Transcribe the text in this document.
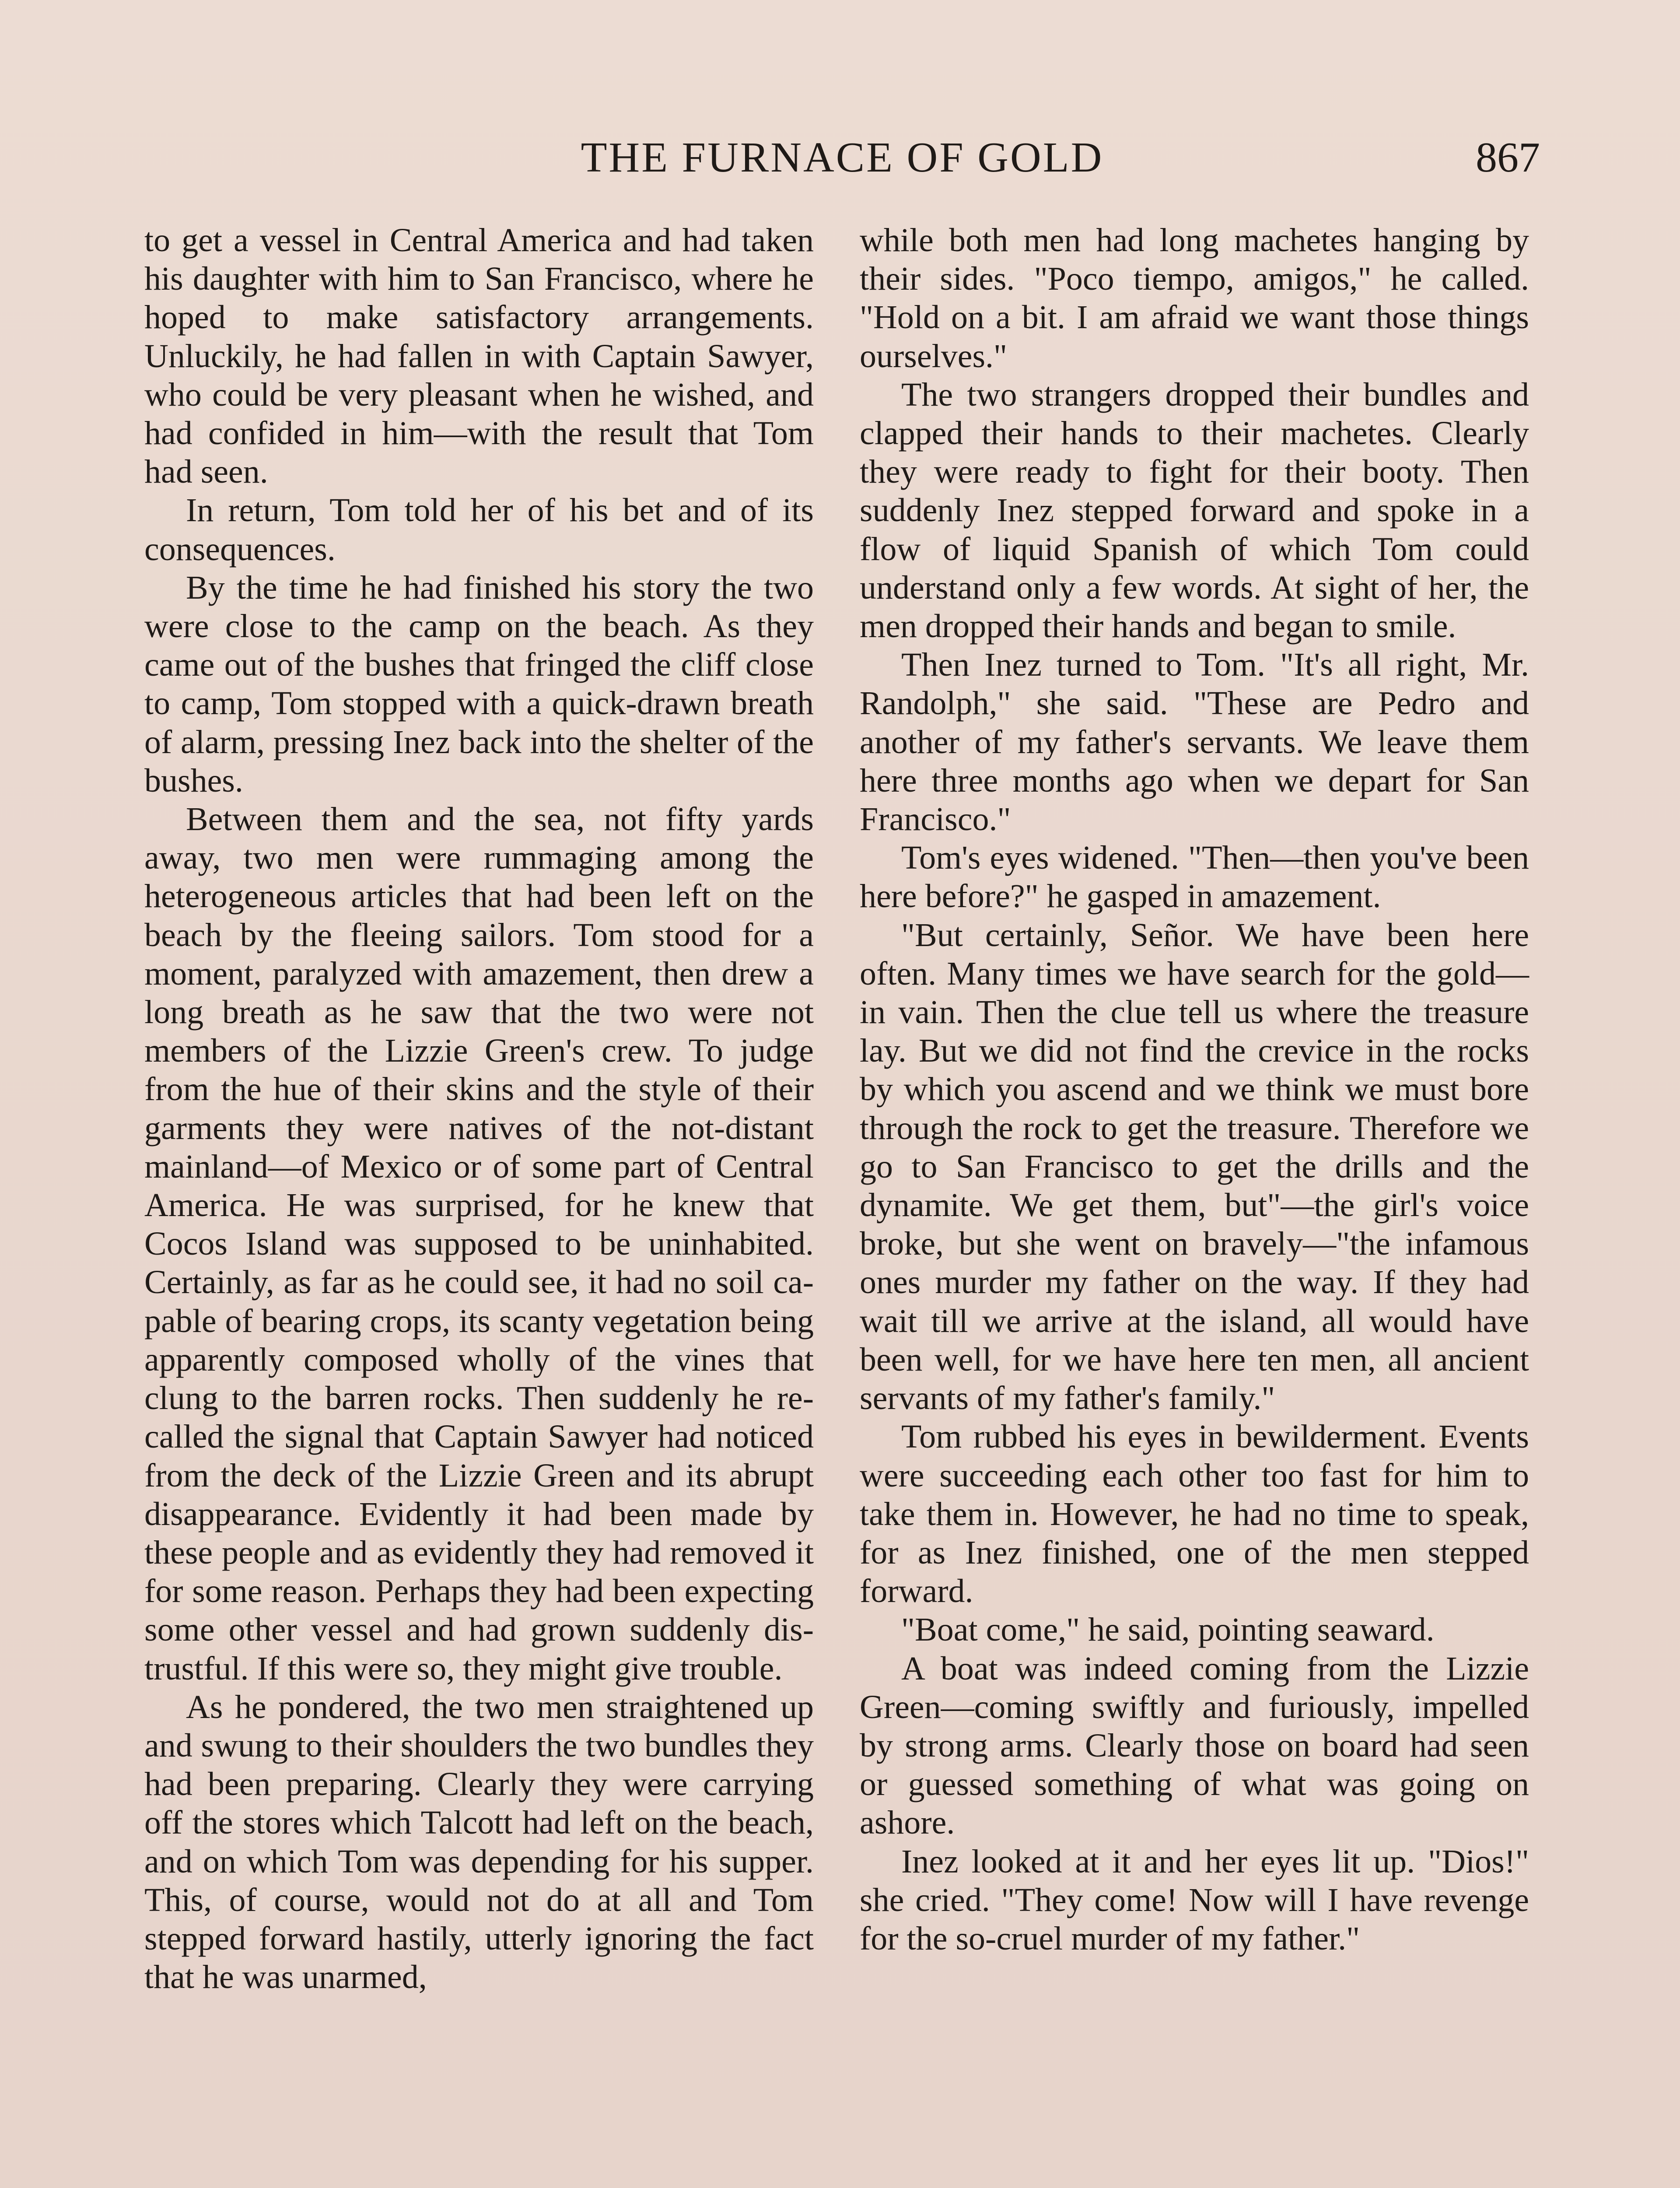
THE FURNACE OF GOLD	867

to get a vessel in Central America and had taken his daughter with him to San Francisco, where he hoped to make satisfactory arrangements. Unluckily, he had fallen in with Captain Sawyer, who could be very pleasant when he wished, and had confided in him—with the result that Tom had seen.

In return, Tom told her of his bet and of its consequences.

By the time he had finished his story the two were close to the camp on the beach. As they came out of the bushes that fringed the cliff close to camp, Tom stopped with a quick-drawn breath of alarm, pressing Inez back into the shelter of the bushes.

Between them and the sea, not fifty yards away, two men were rummaging among the heterogeneous articles that had been left on the beach by the fleeing sailors. Tom stood for a moment, paralyzed with amazement, then drew a long breath as he saw that the two were not members of the Lizzie Green's crew. To judge from the hue of their skins and the style of their garments they were natives of the not-distant mainland—of Mexico or of some part of Central America. He was surprised, for he knew that Cocos Island was supposed to be uninhabited. Certainly, as far as he could see, it had no soil capable of bearing crops, its scanty vegetation being apparently composed wholly of the vines that clung to the barren rocks. Then suddenly he recalled the signal that Captain Sawyer had noticed from the deck of the Lizzie Green and its abrupt disappearance. Evidently it had been made by these people and as evidently they had removed it for some reason. Perhaps they had been expecting some other vessel and had grown suddenly distrustful. If this were so, they might give trouble.

As he pondered, the two men straightened up and swung to their shoulders the two bundles they had been preparing. Clearly they were carrying off the stores which Talcott had left on the beach, and on which Tom was depending for his supper. This, of course, would not do at all and Tom stepped forward hastily, utterly ignoring the fact that he was unarmed,

while both men had long machetes hanging by their sides. "Poco tiempo, amigos," he called. "Hold on a bit. I am afraid we want those things ourselves."

The two strangers dropped their bundles and clapped their hands to their machetes. Clearly they were ready to fight for their booty. Then suddenly Inez stepped forward and spoke in a flow of liquid Spanish of which Tom could understand only a few words. At sight of her, the men dropped their hands and began to smile.

Then Inez turned to Tom. "It's all right, Mr. Randolph," she said. "These are Pedro and another of my father's servants. We leave them here three months ago when we depart for San Francisco."

Tom's eyes widened. "Then—then you've been here before?" he gasped in amazement.

"But certainly, Señor. We have been here often. Many times we have search for the gold—in vain. Then the clue tell us where the treasure lay. But we did not find the crevice in the rocks by which you ascend and we think we must bore through the rock to get the treasure. Therefore we go to San Francisco to get the drills and the dynamite. We get them, but"—the girl's voice broke, but she went on bravely—"the infamous ones murder my father on the way. If they had wait till we arrive at the island, all would have been well, for we have here ten men, all ancient servants of my father's family."

Tom rubbed his eyes in bewilderment. Events were succeeding each other too fast for him to take them in. However, he had no time to speak, for as Inez finished, one of the men stepped forward.

"Boat come," he said, pointing seaward.

A boat was indeed coming from the Lizzie Green—coming swiftly and furiously, impelled by strong arms. Clearly those on board had seen or guessed something of what was going on ashore.

Inez looked at it and her eyes lit up. "Dios!" she cried. "They come! Now will I have revenge for the so-cruel murder of my father."
